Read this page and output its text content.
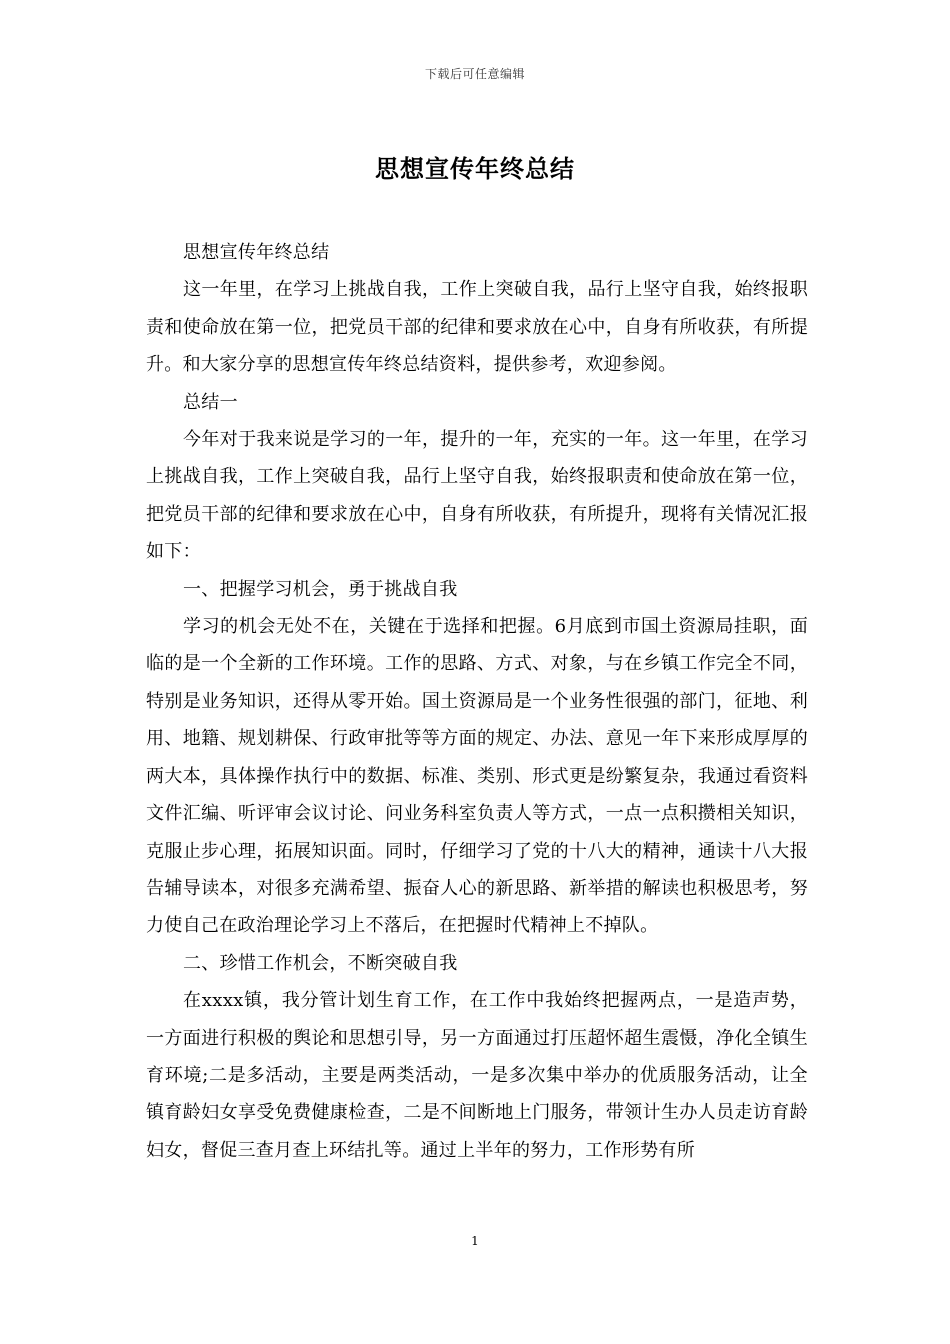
下载后可任意编辑
思想宣传年终总结

思想宣传年终总结

这一年里，在学习上挑战自我，工作上突破自我，品行上坚守自我，始终报职责和使命放在第一位，把党员干部的纪律和要求放在心中，自身有所收获，有所提升。和大家分享的思想宣传年终总结资料，提供参考，欢迎参阅。

总结一

今年对于我来说是学习的一年，提升的一年，充实的一年。这一年里，在学习上挑战自我，工作上突破自我，品行上坚守自我，始终报职责和使命放在第一位，把党员干部的纪律和要求放在心中，自身有所收获，有所提升，现将有关情况汇报如下：

一、把握学习机会，勇于挑战自我

学习的机会无处不在，关键在于选择和把握。6月底到市国土资源局挂职，面临的是一个全新的工作环境。工作的思路、方式、对象，与在乡镇工作完全不同，特别是业务知识，还得从零开始。国土资源局是一个业务性很强的部门，征地、利用、地籍、规划耕保、行政审批等等方面的规定、办法、意见一年下来形成厚厚的两大本，具体操作执行中的数据、标准、类别、形式更是纷繁复杂，我通过看资料文件汇编、听评审会议讨论、问业务科室负责人等方式，一点一点积攒相关知识，克服止步心理，拓展知识面。同时，仔细学习了党的十八大的精神，通读十八大报告辅导读本，对很多充满希望、振奋人心的新思路、新举措的解读也积极思考，努力使自己在政治理论学习上不落后，在把握时代精神上不掉队。

二、珍惜工作机会，不断突破自我

在xxxx镇，我分管计划生育工作，在工作中我始终把握两点，一是造声势，一方面进行积极的舆论和思想引导，另一方面通过打压超怀超生震慑，净化全镇生育环境;二是多活动，主要是两类活动，一是多次集中举办的优质服务活动，让全镇育龄妇女享受免费健康检查，二是不间断地上门服务，带领计生办人员走访育龄妇女，督促三查月查上环结扎等。通过上半年的努力，工作形势有所

1
